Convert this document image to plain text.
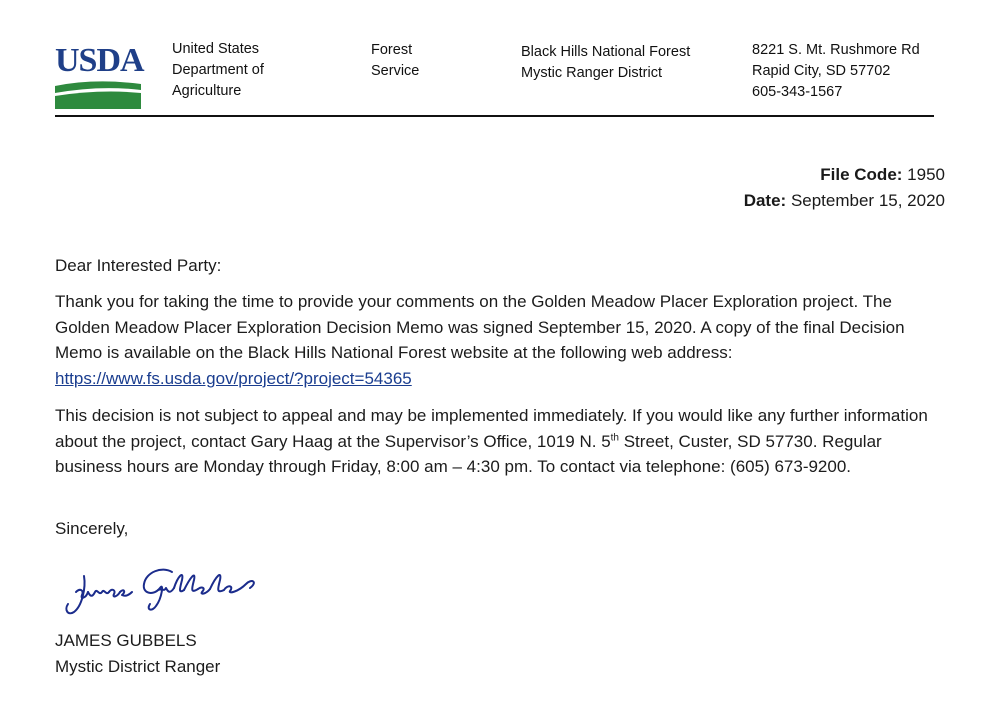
USDA United States
Department of
Agriculture
Forest
Service
Black Hills National Forest
Mystic Ranger District
8221 S. Mt. Rushmore Rd
Rapid City, SD 57702
605-343-1567
File Code: 1950
Date: September 15, 2020

Dear Interested Party:

Thank you for taking the time to provide your comments on the Golden Meadow Placer Exploration project. The Golden Meadow Placer Exploration Decision Memo was signed September 15, 2020. A copy of the final Decision Memo is available on the Black Hills National Forest website at the following web address: https://www.fs.usda.gov/project/?project=54365

This decision is not subject to appeal and may be implemented immediately. If you would like any further information about the project, contact Gary Haag at the Supervisor’s Office, 1019 N. 5th Street, Custer, SD 57730. Regular business hours are Monday through Friday, 8:00 am – 4:30 pm. To contact via telephone: (605) 673-9200.

Sincerely,

JAMES GUBBELS

Mystic District Ranger
